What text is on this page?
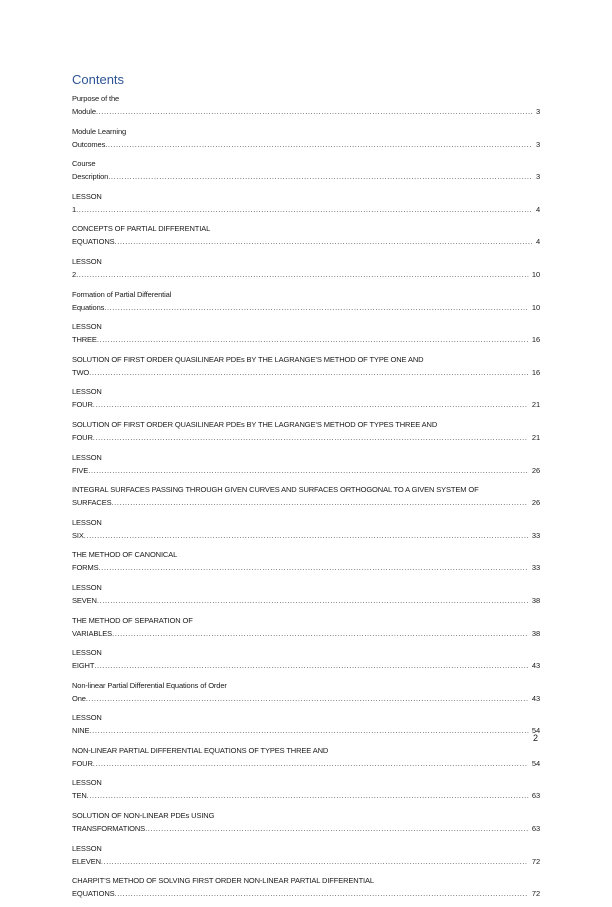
Contents
Purpose of the Module................................................................................................................................................................... 3
Module Learning Outcomes............................................................................................................................................................... 3
Course Description.............................................................................................................................................................. 3
LESSON 1.......................................................................................................................................................................... 4
CONCEPTS OF PARTIAL DIFFERENTIAL EQUATIONS............................................................................................................................................................ 4
LESSON 2......................................................................................................................................................................... 10
Formation of Partial Differential Equations.............................................................................................................................................................. 10
LESSON THREE................................................................................................................................................................. 16
SOLUTION OF FIRST ORDER QUASILINEAR PDEs BY THE LAGRANGE’S METHOD OF TYPE ONE AND TWO.................................................................................................................................................................... 16
LESSON FOUR.................................................................................................................................................................. 21
SOLUTION OF FIRST ORDER QUASILINEAR PDEs BY THE LAGRANGE’S METHOD OF TYPES THREE AND FOUR.................................................................................................................................................................. 21
LESSON FIVE.................................................................................................................................................................... 26
INTEGRAL SURFACES PASSING THROUGH GIVEN CURVES AND SURFACES ORTHOGONAL TO A GIVEN SYSTEM OF SURFACES........................................................................................................................................................... 26
LESSON SIX...................................................................................................................................................................... 33
THE METHOD OF CANONICAL FORMS................................................................................................................................................................ 33
LESSON SEVEN................................................................................................................................................................. 38
THE METHOD OF SEPARATION OF VARIABLES........................................................................................................................................................... 38
LESSON EIGHT.................................................................................................................................................................. 43
Non-linear Partial Differential Equations of Order One..................................................................................................................................................................... 43
LESSON NINE.................................................................................................................................................................... 54
NON-LINEAR PARTIAL DIFFERENTIAL EQUATIONS OF TYPES THREE AND FOUR.................................................................................................................................................................. 54
LESSON TEN..................................................................................................................................................................... 63
SOLUTION OF NON-LINEAR PDEs USING TRANSFORMATIONS............................................................................................................................................... 63
LESSON ELEVEN............................................................................................................................................................... 72
CHARPIT’S METHOD OF SOLVING FIRST ORDER NON-LINEAR PARTIAL DIFFERENTIAL EQUATIONS.......................................................................................................................................................... 72
2
